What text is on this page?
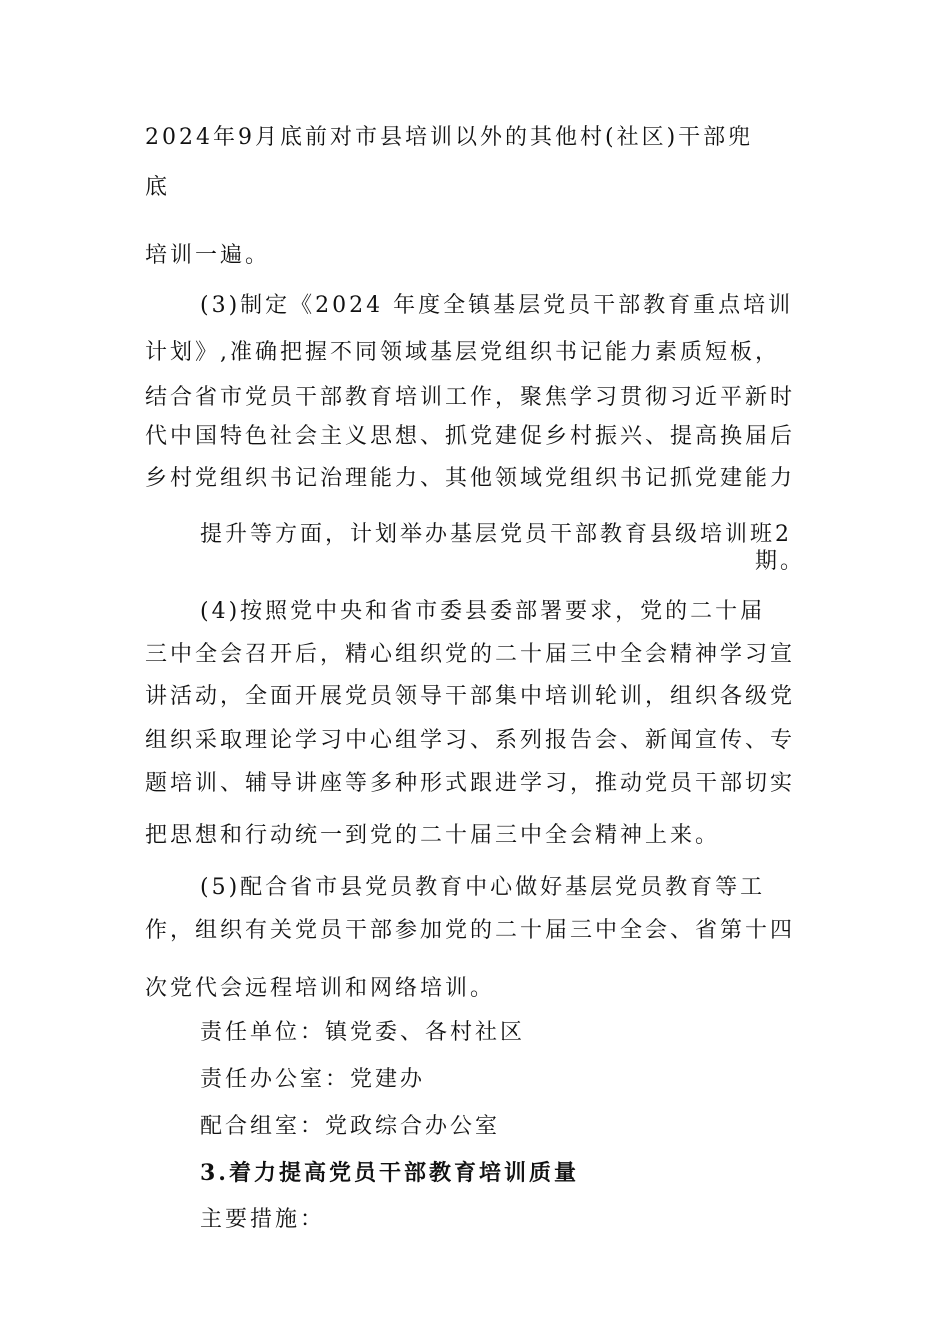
2024年9月底前对市县培训以外的其他村(社区)干部兜
底
培训一遍。
(3)制定《2024 年度全镇基层党员干部教育重点培训
计划》,准确把握不同领域基层党组织书记能力素质短板，
结合省市党员干部教育培训工作，聚焦学习贯彻习近平新时
代中国特色社会主义思想、抓党建促乡村振兴、提高换届后
乡村党组织书记治理能力、其他领域党组织书记抓党建能力
提升等方面，计划举办基层党员干部教育县级培训班2
期。
(4)按照党中央和省市委县委部署要求，党的二十届
三中全会召开后，精心组织党的二十届三中全会精神学习宣
讲活动，全面开展党员领导干部集中培训轮训，组织各级党
组织采取理论学习中心组学习、系列报告会、新闻宣传、专
题培训、辅导讲座等多种形式跟进学习，推动党员干部切实
把思想和行动统一到党的二十届三中全会精神上来。
(5)配合省市县党员教育中心做好基层党员教育等工
作，组织有关党员干部参加党的二十届三中全会、省第十四
次党代会远程培训和网络培训。
责任单位：镇党委、各村社区
责任办公室：党建办
配合组室：党政综合办公室
3.着力提高党员干部教育培训质量
主要措施：
